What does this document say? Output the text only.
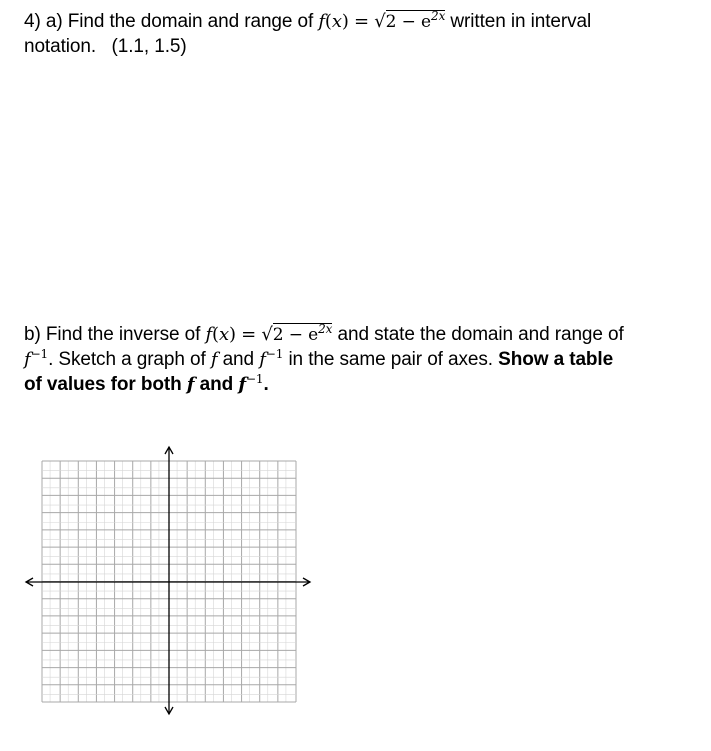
4) a) Find the domain and range of $f(x) = √2 - e^{2x}$ written in interval
notation.   (1.1, 1.5)
b) Find the inverse of $f(x) = √2 - e^{2x}$ and state the domain and range of
$f^{-1}$. Sketch a graph of f and $f^{-1}$ in the same pair of axes. Show a table
of values for both f and $f^{-1}$.
